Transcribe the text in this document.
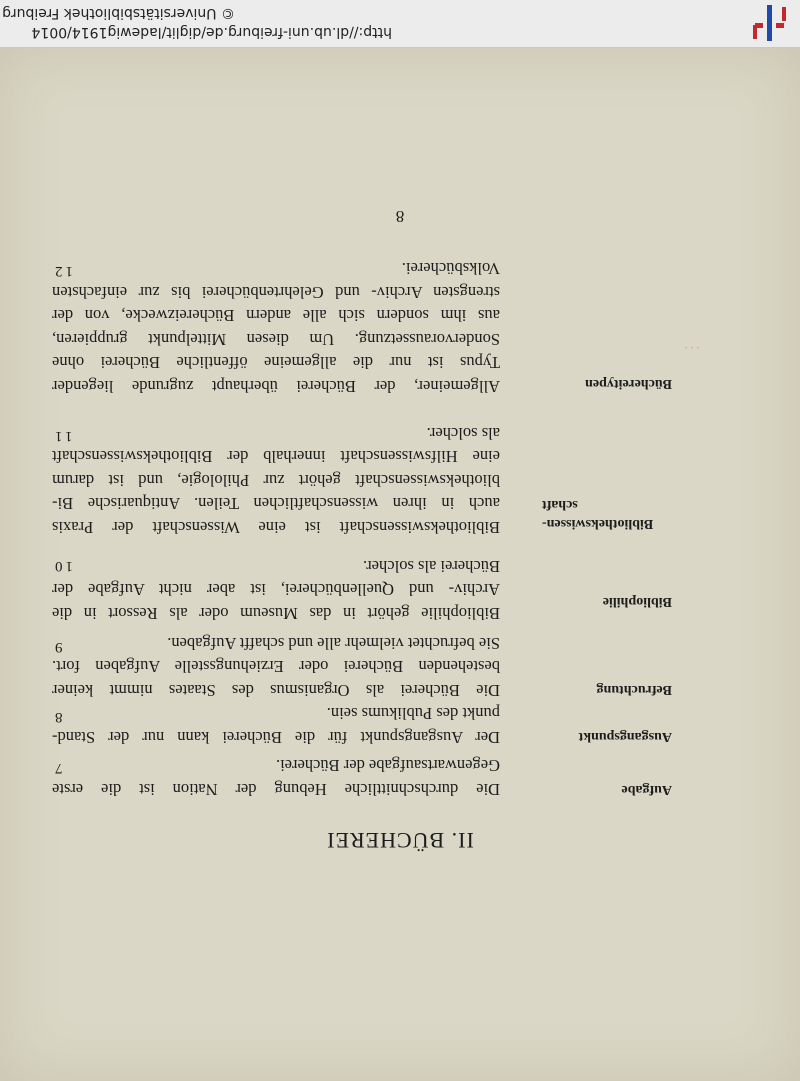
II. BÜCHEREI
Aufgabe
Die durchschnittliche Hebung der Nation ist die erste
Gegenwartsaufgabe der Bücherei.
7
Ausgangspunkt
Der Ausgangspunkt für die Bücherei kann nur der Stand-
punkt des Publikums sein.
8
Befruchtung
Die Bücherei als Organismus des Staates nimmt keiner
bestehenden Bücherei oder Erziehungsstelle Aufgaben fort.
Sie befruchtet vielmehr alle und schafft Aufgaben.
9
Bibliophilie
Bibliophilie gehört in das Museum oder als Ressort in die
Archiv- und Quellenbücherei, ist aber nicht Aufgabe der
Bücherei als solcher.
10
Bibliothekswissen-
schaft
Bibliothekswissenschaft ist eine Wissenschaft der Praxis
auch in ihren wissenschaftlichen Teilen. Antiquarische Bi-
bliothekswissenschaft gehört zur Philologie, und ist darum
eine Hilfswissenschaft innerhalb der Bibliothekswissenschaft
als solcher.
11
Büchereitypen
Allgemeiner, der Bücherei überhaupt zugrunde liegender
Typus ist nur die allgemeine öffentliche Bücherei ohne
Sondervoraussetzung. Um diesen Mittelpunkt gruppieren,
aus ihm sondern sich alle andern Büchereizwecke, von der
strengsten Archiv- und Gelehrtenbücherei bis zur einfachsten
Volksbücherei.
12
···
8
http://dl.ub.uni-freiburg.de/diglit/ladewig1914/0014
© Universitätsbibliothek Freiburg
